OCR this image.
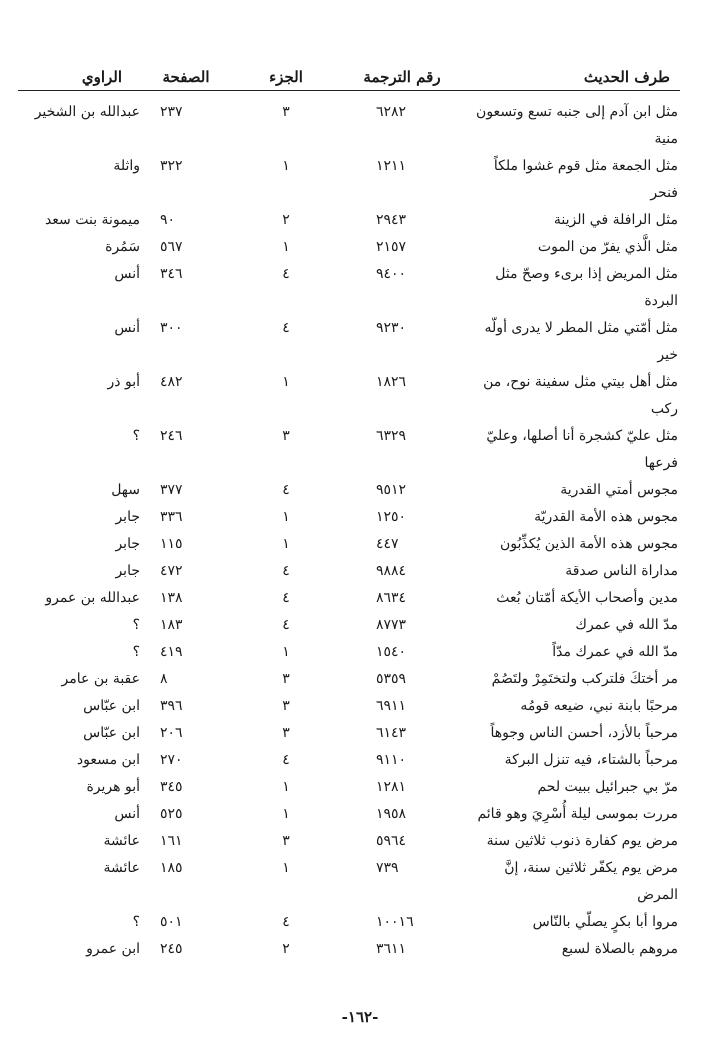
طرف الحديث	رقم الترجمة	الجزء	الصفحة	الراوي
مثل ابن آدم إلى جنبه تسع وتسعون منية	٦٢٨٢	٣	٢٣٧	عبدالله بن الشخير
مثل الجمعة مثل قوم غشوا ملكاً فنحر	١٢١١	١	٣٢٢	واثلة
مثل الرافلة في الزينة	٢٩٤٣	٢	٩٠	ميمونة بنت سعد
مثل الَّذي يفرّ من الموت	٢١٥٧	١	٥٦٧	سَمُرة
مثل المريض إذا برىء وصحّ مثل البردة	٩٤٠٠	٤	٣٤٦	أنس
مثل أمّتي مثل المطر لا يدرى أولّه خير	٩٢٣٠	٤	٣٠٠	أنس
مثل أهل بيتي مثل سفينة نوح، من ركب	١٨٢٦	١	٤٨٢	أبو ذر
مثل عليّ كشجرة أنا أصلها، وعليّ فرعها	٦٣٢٩	٣	٢٤٦	؟
مجوس أمتي القدرية	٩٥١٢	٤	٣٧٧	سهل
مجوس هذه الأمة القدريّة	١٢٥٠	١	٣٣٦	جابر
مجوس هذه الأمة الذين يُكذِّبُون	٤٤٧	١	١١٥	جابر
مداراة الناس صدقة	٩٨٨٤	٤	٤٧٢	جابر
مدين وأصحاب الأيكة أمّتان بُعث	٨٦٣٤	٤	١٣٨	عبدالله بن عمرو
مدّ الله في عمرك	٨٧٧٣	٤	١٨٣	؟
مدّ الله في عمرك مدّاً	١٥٤٠	١	٤١٩	؟
مر أختكَ فلتركب ولتختَمِرْ ولتَصُمْ	٥٣٥٩	٣	٨	عقبة بن عامر
مرحبًا بابنة نبي، ضيعه قومُه	٦٩١١	٣	٣٩٦	ابن عبّاس
مرحباً بالأزد، أحسن الناس وجوهاً	٦١٤٣	٣	٢٠٦	ابن عبّاس
مرحباً بالشتاء، فيه تنزل البركة	٩١١٠	٤	٢٧٠	ابن مسعود
مرّ بي جبرائيل ببيت لحم	١٢٨١	١	٣٤٥	أبو هريرة
مررت بموسى ليلة أُسْرِيَ وهو قائم	١٩٥٨	١	٥٢٥	أنس
مرض يوم كفارة ذنوب ثلاثين سنة	٥٩٦٤	٣	١٦١	عائشة
مرض يوم يكفّر ثلاثين سنة، إنَّ المرض	٧٣٩	١	١٨٥	عائشة
مروا أبا بكرٍ يصلّي بالنّاس	١٠٠١٦	٤	٥٠١	؟
مروهم بالصلاة لسبع	٣٦١١	٢	٢٤٥	ابن عمرو
-١٦٢-
